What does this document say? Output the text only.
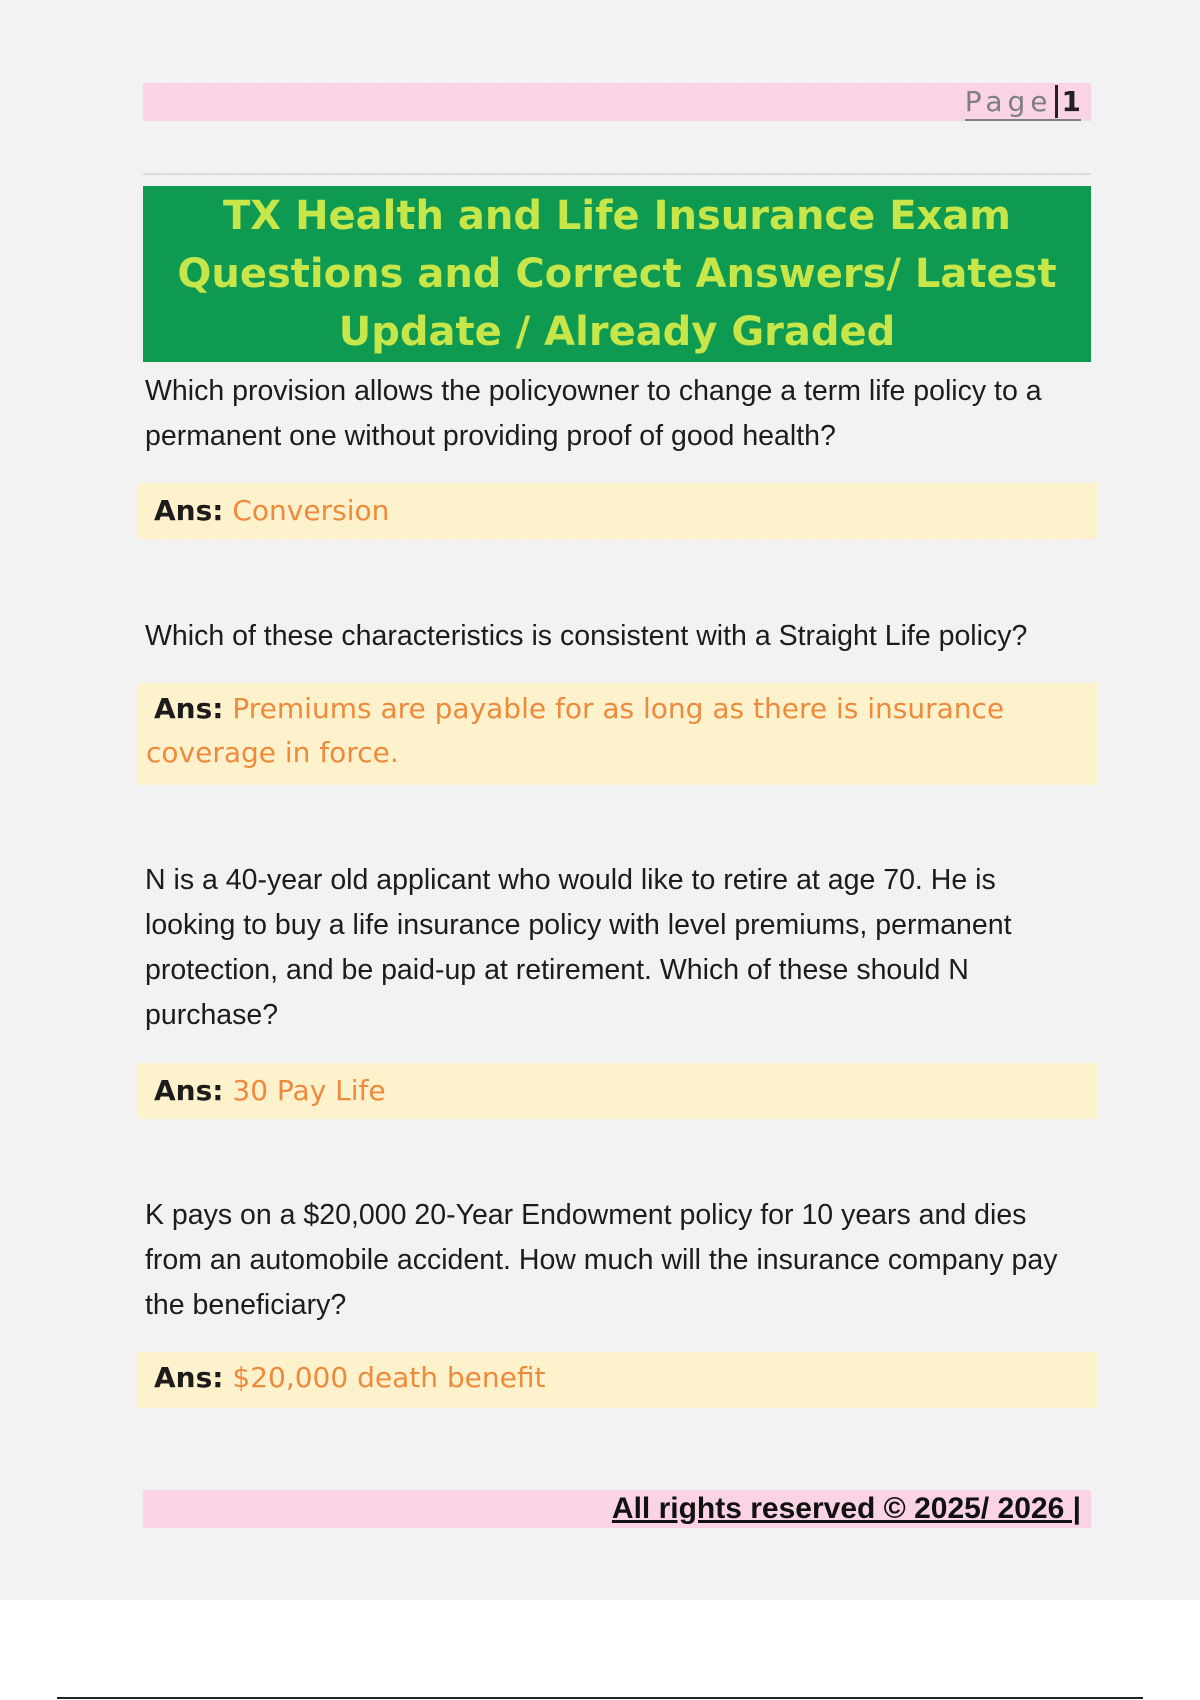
Page 1
TX Health and Life Insurance Exam Questions and Correct Answers/ Latest Update / Already Graded

Which provision allows the policyowner to change a term life policy to a permanent one without providing proof of good health?

Ans: Conversion

Which of these characteristics is consistent with a Straight Life policy?

Ans: Premiums are payable for as long as there is insurance coverage in force.

N is a 40-year old applicant who would like to retire at age 70. He is looking to buy a life insurance policy with level premiums, permanent protection, and be paid-up at retirement. Which of these should N purchase?

Ans: 30 Pay Life

K pays on a $20,000 20-Year Endowment policy for 10 years and dies from an automobile accident. How much will the insurance company pay the beneficiary?

Ans: $20,000 death benefit

All rights reserved © 2025/ 2026 |
